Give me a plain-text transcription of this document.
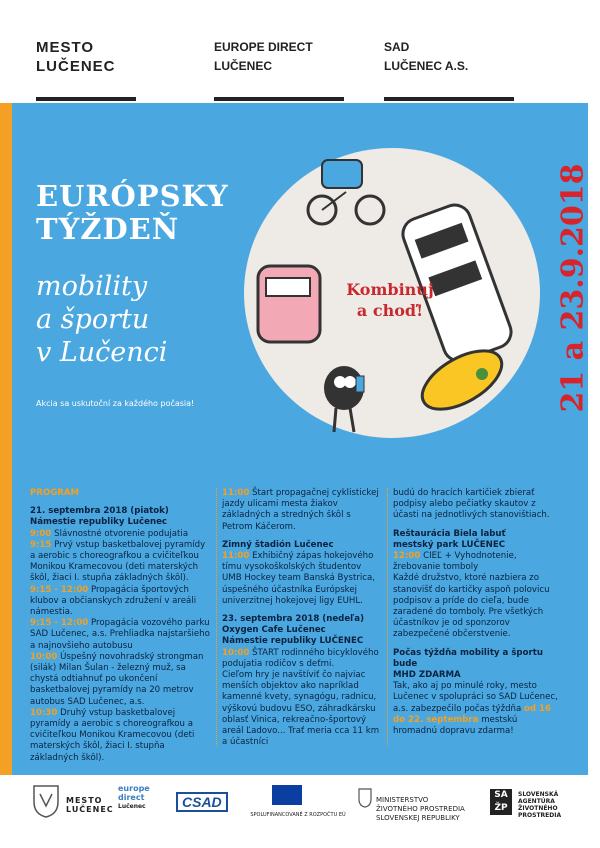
MESTO
LUČENEC
EUROPE DIRECT
LUČENEC
SAD
LUČENEC A.S.
EURÓPSKY
TÝŽDEŇ
mobility
a športu
v Lučenci
Akcia sa uskutoční za každého počasia!	21 a 23.9.2018
Kombinuj
a choď!

PROGRAM

21. septembra 2018 (piatok)
Námestie republiky Lučenec
9:00 Slávnostné otvorenie podujatia
9:15 Prvý vstup basketbalovej pyramídy a aerobic s choreografkou a cvičiteľkou Monikou Kramecovou (deti materských škôl, žiaci I. stupňa základných škôl).
9:15 - 12:00 Propagácia športových klubov a občianskych združení v areáli námestia.
9:15 - 12:00 Propagácia vozového parku SAD Lučenec, a.s. Prehliadka najstaršieho a najnovšieho autobusu
10:00 Úspešný novohradský strongman (silák) Milan Šulan - železný muž, sa chystá odtiahnuť po ukončení basketbalovej pyramídy na 20 metrov autobus SAD Lučenec, a.s.
10:30 Druhý vstup basketbalovej pyramídy a aerobic s choreografkou a cvičiteľkou Monikou Kramecovou (deti materských škôl, žiaci I. stupňa základných škôl).

11:00 Štart propagačnej cyklistickej jazdy ulicami mesta žiakov základných a stredných škôl s Petrom Káčerom.

Zimný štadión Lučenec

11:00 Exhibičný zápas hokejového tímu vysokoškolských študentov UMB Hockey team Banská Bystrica, úspešného účastníka Európskej univerzitnej hokejovej ligy EUHL.

23. septembra 2018 (nedeľa)
Oxygen Cafe Lučenec
Námestie republiky LUČENEC
10:00 ŠTART rodinného bicyklového podujatia rodičov s deťmi.
Cieľom hry je navštíviť čo najviac menších objektov ako napríklad kamenné kvety, synagógu, radnicu, výškovú budovu ESO, záhradkársku oblasť Vinica, rekreačno-športový areál Ľadovo... Trať meria cca 11 km a účastníci

budú do hracích kartičiek zbierať podpisy alebo pečiatky skautov z účasti na jednotlivých stanovištiach.

Reštaurácia Biela labuť
mestský park LUČENEC
12:00 CIEĽ + Vyhodnotenie, žrebovanie tomboly

Každé družstvo, ktoré nazbiera zo stanovišť do kartičky aspoň polovicu podpisov a príde do cieľa, bude zaradené do tomboly. Pre všetkých účastníkov je od sponzorov zabezpečené občerstvenie.

Počas týždňa mobility a športu bude
MHD ZDARMA
Tak, ako aj po minulé roky, mesto Lučenec v spolupráci so SAD Lučenec, a.s. zabezpečilo počas týždňa od 16 do 22. septembra mestskú hromadnú dopravu zdarma!
MESTO
LUČENEC
europe
direct
Lučenec	CSAD
SPOLUFINANCOVANÉ Z ROZPOČTU EÚ
MINISTERSTVO
ŽIVOTNÉHO PROSTREDIA
SLOVENSKEJ REPUBLIKY
SA
ŽP
SLOVENSKÁ
AGENTÚRA
ŽIVOTNÉHO
PROSTREDIA
